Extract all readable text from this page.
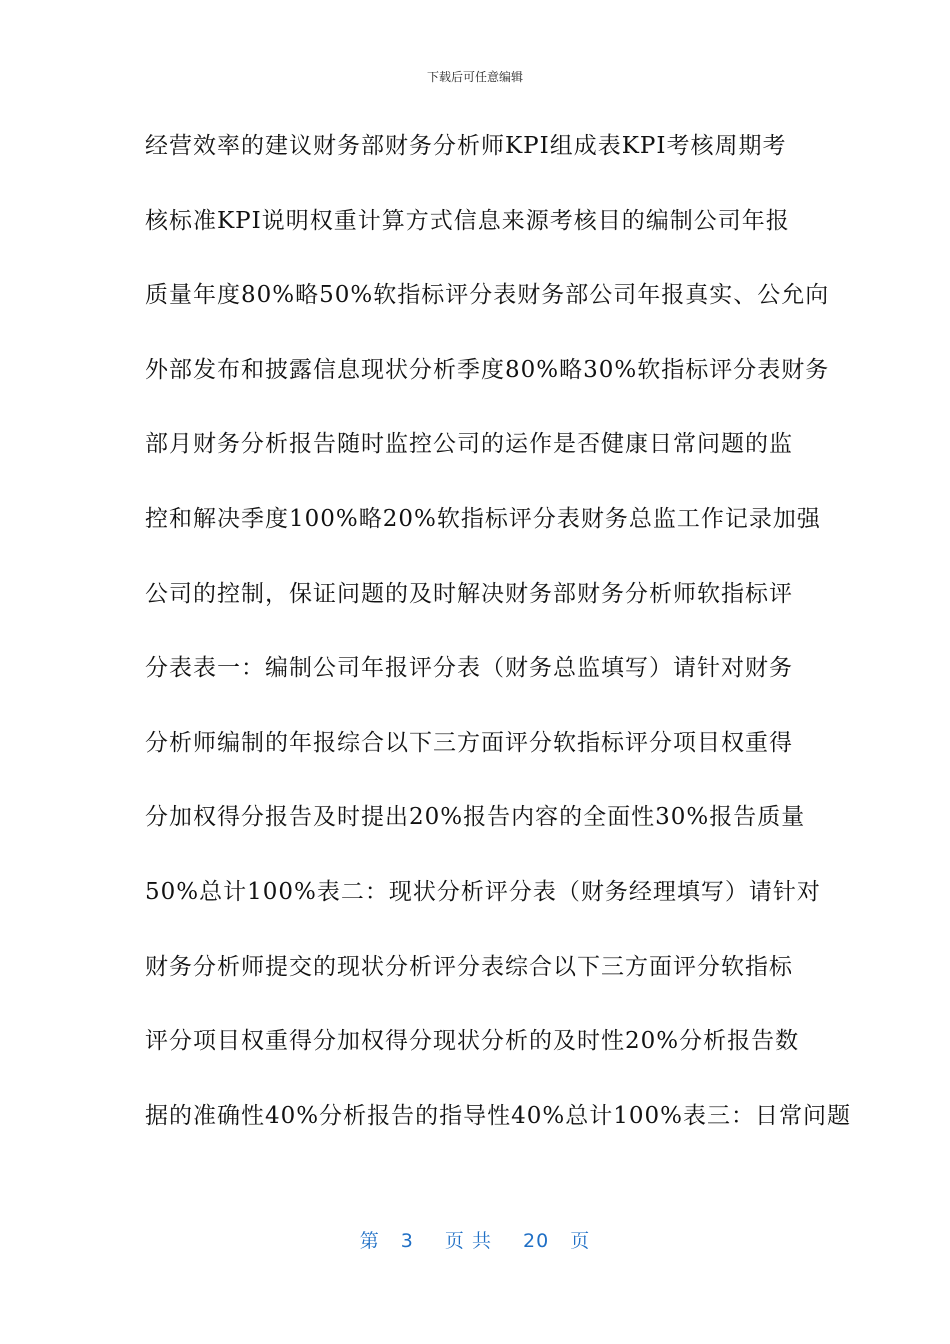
下载后可任意编辑
经营效率的建议财务部财务分析师KPI组成表KPI考核周期考
核标准KPI说明权重计算方式信息来源考核目的编制公司年报
质量年度80%略50%软指标评分表财务部公司年报真实、公允向
外部发布和披露信息现状分析季度80%略30%软指标评分表财务
部月财务分析报告随时监控公司的运作是否健康日常问题的监
控和解决季度100%略20%软指标评分表财务总监工作记录加强
公司的控制，保证问题的及时解决财务部财务分析师软指标评
分表表一：编制公司年报评分表（财务总监填写）请针对财务
分析师编制的年报综合以下三方面评分软指标评分项目权重得
分加权得分报告及时提出20%报告内容的全面性30%报告质量
50%总计100%表二：现状分析评分表（财务经理填写）请针对
财务分析师提交的现状分析评分表综合以下三方面评分软指标
评分项目权重得分加权得分现状分析的及时性20%分析报告数
据的准确性40%分析报告的指导性40%总计100%表三：日常问题
第 3 页 共 20 页
